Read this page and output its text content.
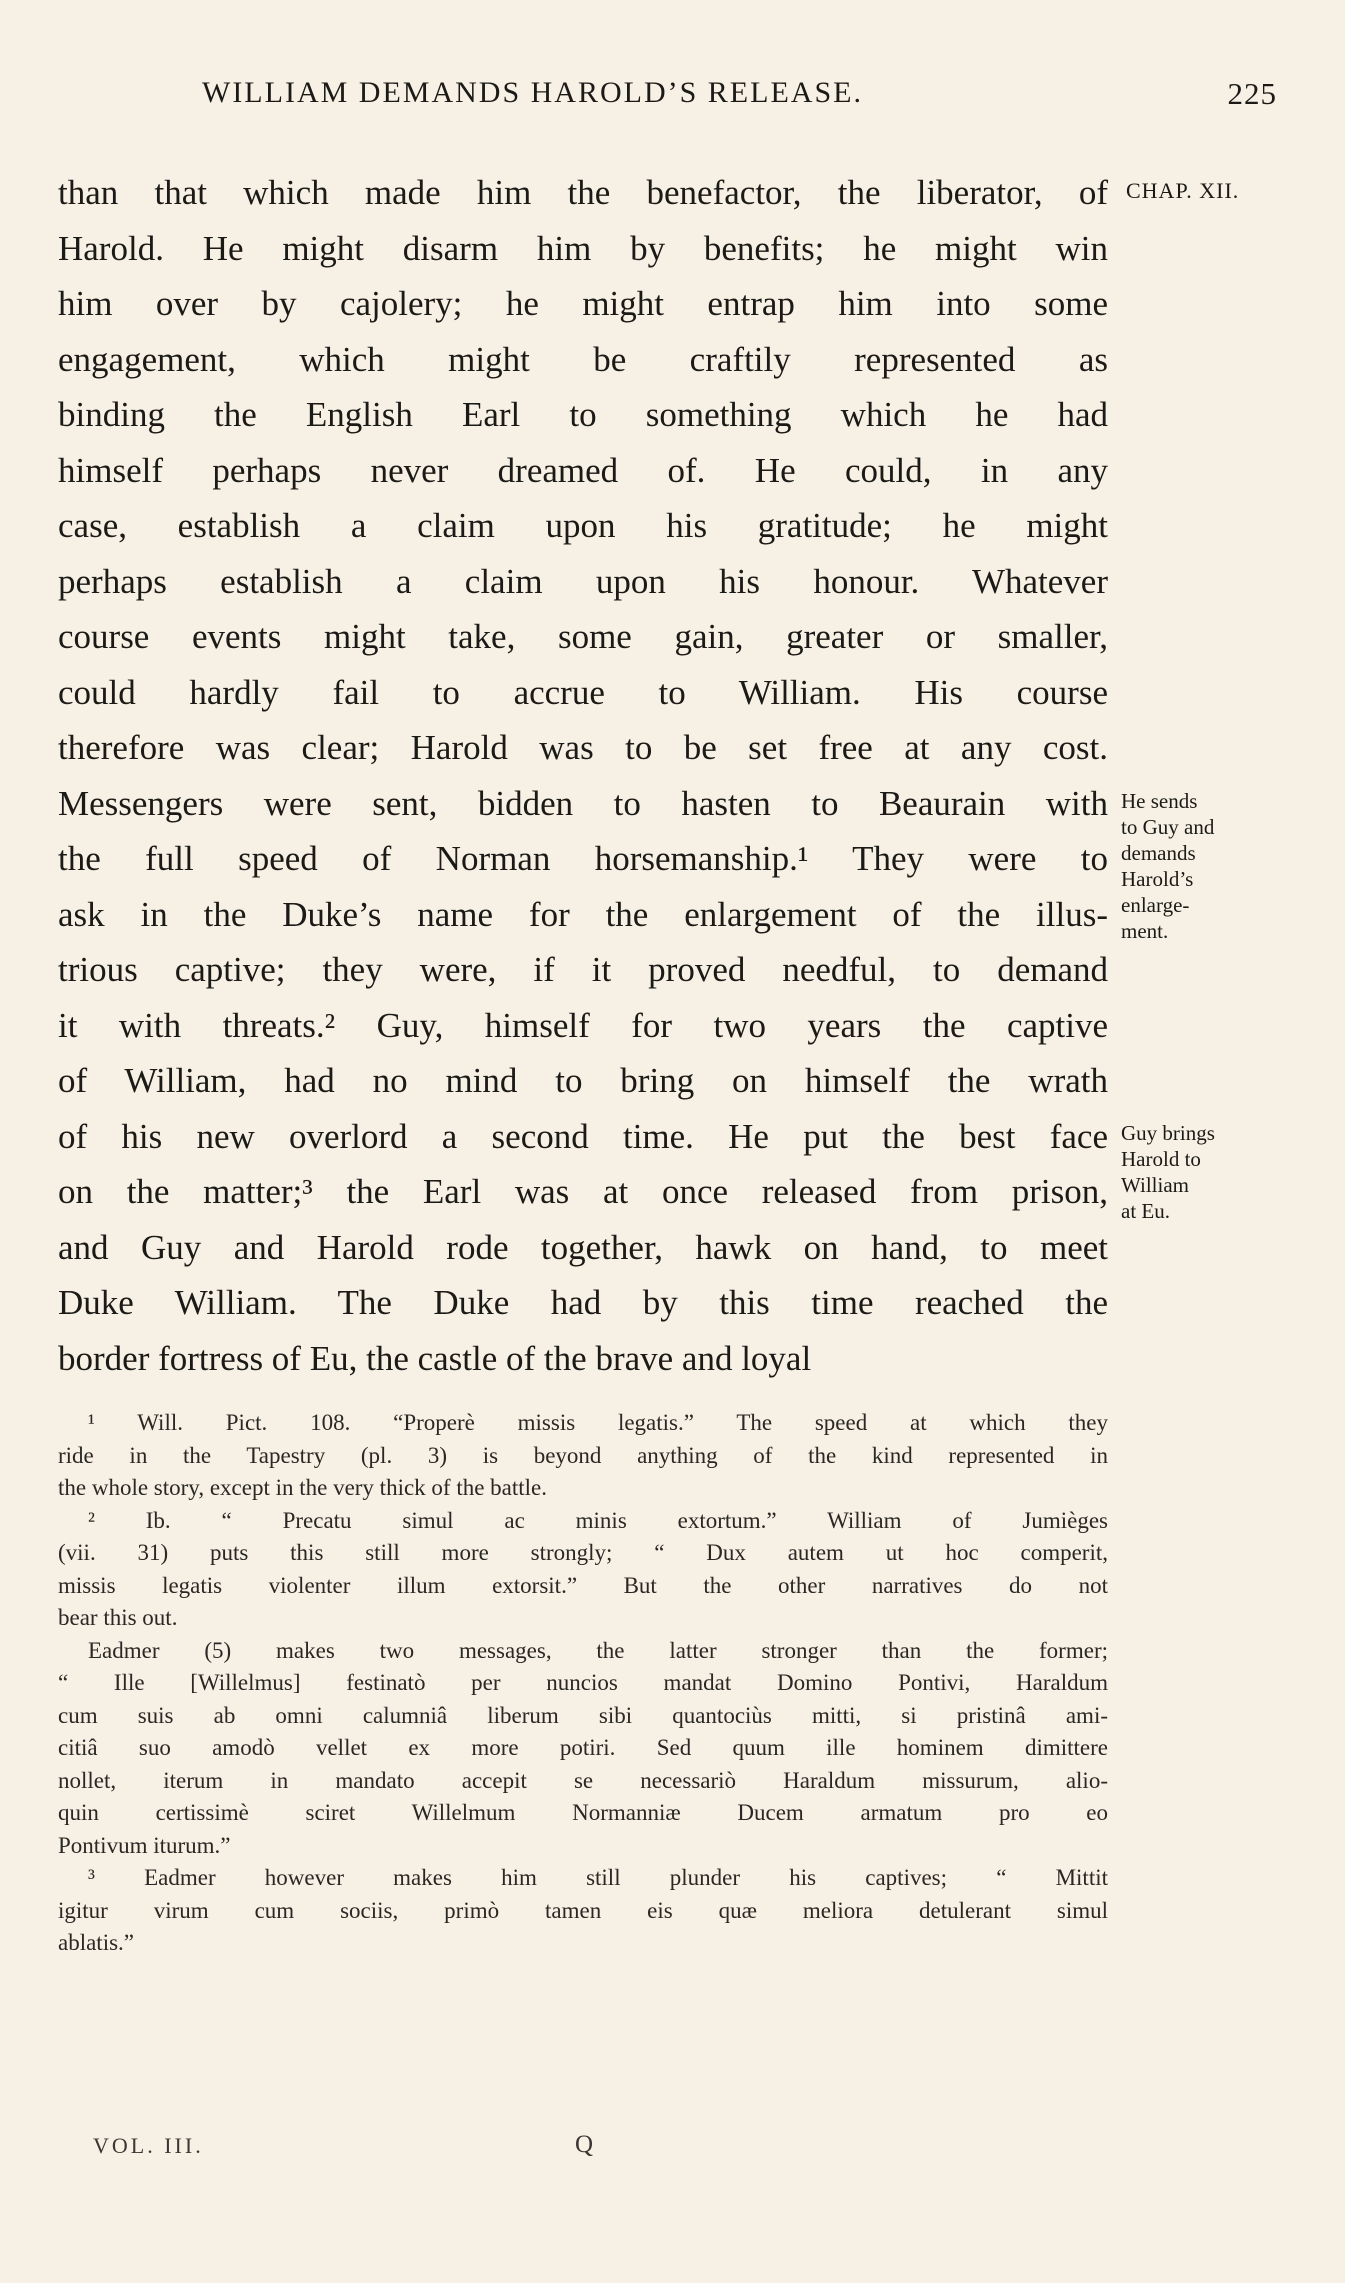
WILLIAM DEMANDS HAROLD’S RELEASE.	225
CHAP. XII.
than that which made him the benefactor, the liberator, of
Harold. He might disarm him by benefits; he might win
him over by cajolery; he might entrap him into some
engagement, which might be craftily represented as
binding the English Earl to something which he had
himself perhaps never dreamed of. He could, in any
case, establish a claim upon his gratitude; he might
perhaps establish a claim upon his honour. Whatever
course events might take, some gain, greater or smaller,
could hardly fail to accrue to William. His course
therefore was clear; Harold was to be set free at any cost.
Messengers were sent, bidden to hasten to Beaurain with
the full speed of Norman horsemanship.¹ They were to
ask in the Duke’s name for the enlargement of the illus-
trious captive; they were, if it proved needful, to demand
it with threats.² Guy, himself for two years the captive
of William, had no mind to bring on himself the wrath
of his new overlord a second time. He put the best face
on the matter;³ the Earl was at once released from prison,
and Guy and Harold rode together, hawk on hand, to meet
Duke William. The Duke had by this time reached the
border fortress of Eu, the castle of the brave and loyal
He sends
to Guy and
demands
Harold’s
enlarge-
ment.
Guy brings
Harold to
William
at Eu.
¹ Will. Pict. 108. “Properè missis legatis.” The speed at which they
ride in the Tapestry (pl. 3) is beyond anything of the kind represented in
the whole story, except in the very thick of the battle.
² Ib. “ Precatu simul ac minis extortum.” William of Jumièges
(vii. 31) puts this still more strongly; “ Dux autem ut hoc comperit,
missis legatis violenter illum extorsit.” But the other narratives do not
bear this out.
Eadmer (5) makes two messages, the latter stronger than the former;
“ Ille [Willelmus] festinatò per nuncios mandat Domino Pontivi, Haraldum
cum suis ab omni calumniâ liberum sibi quantociùs mitti, si pristinâ ami-
citiâ suo amodò vellet ex more potiri. Sed quum ille hominem dimittere
nollet, iterum in mandato accepit se necessariò Haraldum missurum, alio-
quin certissimè sciret Willelmum Normanniæ Ducem armatum pro eo
Pontivum iturum.”
³ Eadmer however makes him still plunder his captives; “ Mittit
igitur virum cum sociis, primò tamen eis quæ meliora detulerant simul
ablatis.”
VOL. III.	Q
